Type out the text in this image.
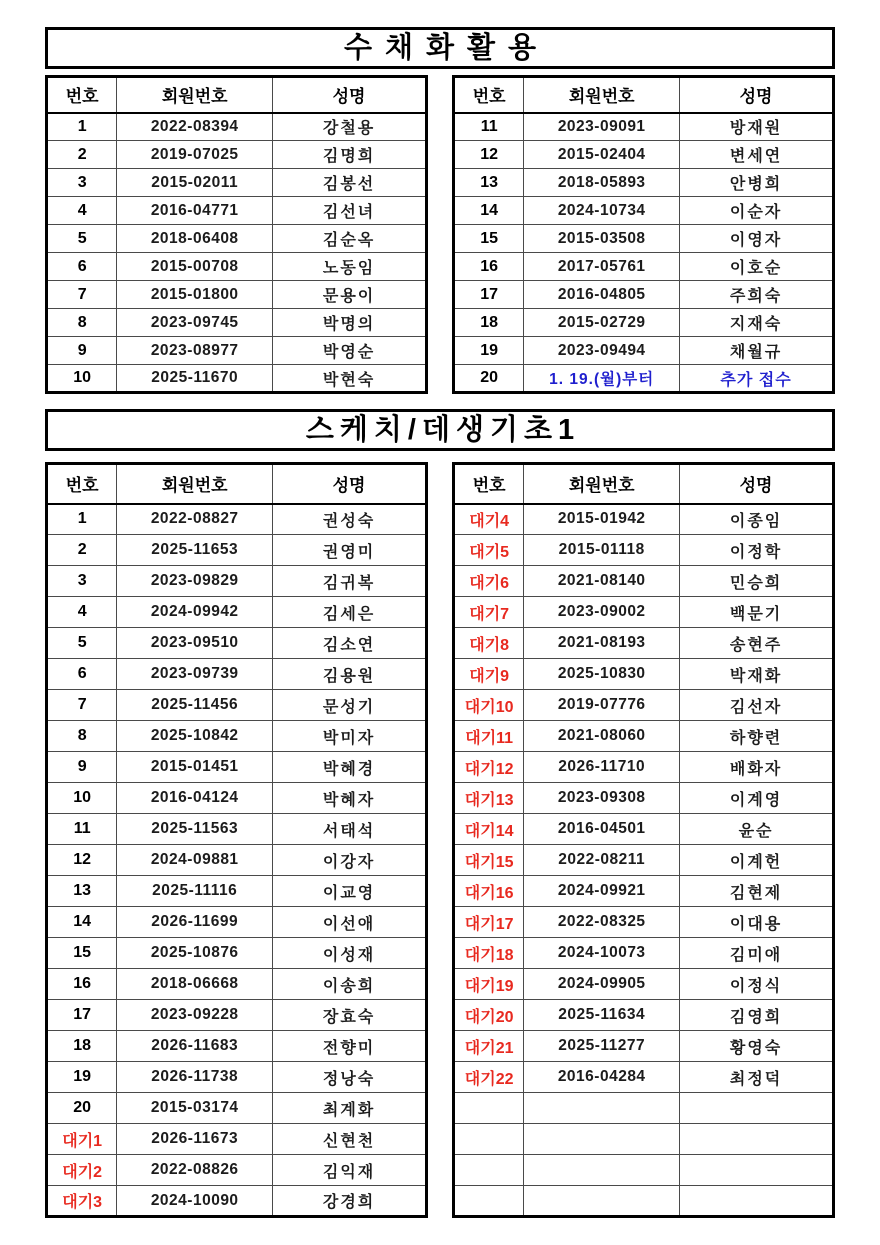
수채화활용
번호	회원번호	성명
1	2022-08394	강철용
2	2019-07025	김명희
3	2015-02011	김봉선
4	2016-04771	김선녀
5	2018-06408	김순옥
6	2015-00708	노동임
7	2015-01800	문용이
8	2023-09745	박명의
9	2023-08977	박영순
10	2025-11670	박현숙
번호	회원번호	성명
11	2023-09091	방재원
12	2015-02404	변세연
13	2018-05893	안병희
14	2024-10734	이순자
15	2015-03508	이영자
16	2017-05761	이호순
17	2016-04805	주희숙
18	2015-02729	지재숙
19	2023-09494	채월규
20	1. 19.(월)부터	추가 접수
스케치/데생기초1
번호	회원번호	성명
1	2022-08827	권성숙
2	2025-11653	권영미
3	2023-09829	김귀복
4	2024-09942	김세은
5	2023-09510	김소연
6	2023-09739	김용원
7	2025-11456	문성기
8	2025-10842	박미자
9	2015-01451	박혜경
10	2016-04124	박혜자
11	2025-11563	서태석
12	2024-09881	이강자
13	2025-11116	이교영
14	2026-11699	이선애
15	2025-10876	이성재
16	2018-06668	이송희
17	2023-09228	장효숙
18	2026-11683	전향미
19	2026-11738	정낭숙
20	2015-03174	최계화
대기1	2026-11673	신현천
대기2	2022-08826	김익재
대기3	2024-10090	강경희
번호	회원번호	성명
대기4	2015-01942	이종임
대기5	2015-01118	이정학
대기6	2021-08140	민승희
대기7	2023-09002	백문기
대기8	2021-08193	송현주
대기9	2025-10830	박재화
대기10	2019-07776	김선자
대기11	2021-08060	하향련
대기12	2026-11710	배화자
대기13	2023-09308	이계영
대기14	2016-04501	윤순
대기15	2022-08211	이계헌
대기16	2024-09921	김현제
대기17	2022-08325	이대용
대기18	2024-10073	김미애
대기19	2024-09905	이정식
대기20	2025-11634	김영희
대기21	2025-11277	황영숙
대기22	2016-04284	최정덕
